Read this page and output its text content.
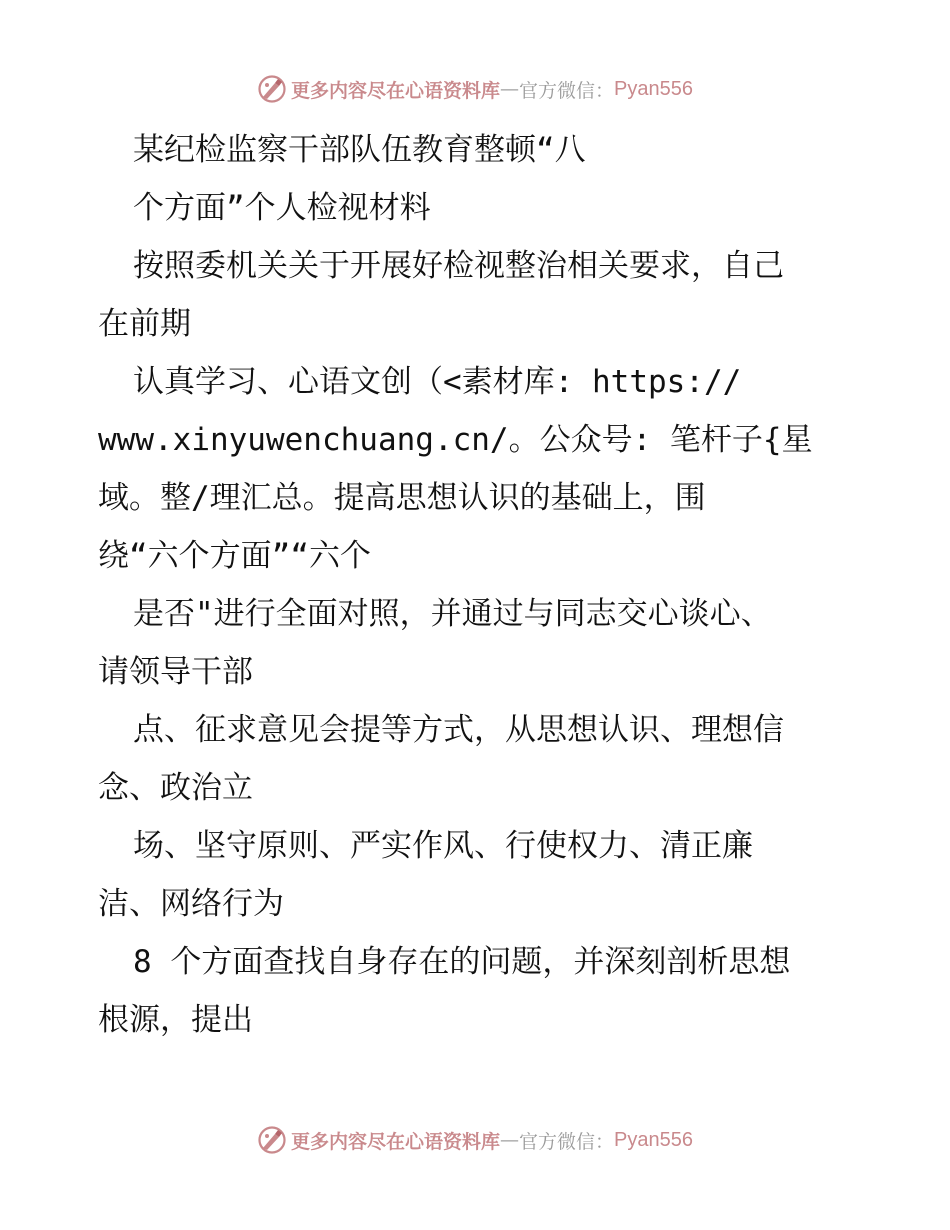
更多内容尽在心语资料库 — 官方微信： Pyan556
某纪检监察干部队伍教育整顿“八
个方面”个人检视材料
按照委机关关于开展好检视整治相关要求，自己
在前期
认真学习、心语文创（<素材库: https://
www.xinyuwenchuang.cn/。公众号: 笔杆子{星
域。整/理汇总。提高思想认识的基础上，围
绕“六个方面”“六个
是否"进行全面对照，并通过与同志交心谈心、
请领导干部
点、征求意见会提等方式，从思想认识、理想信
念、政治立
场、坚守原则、严实作风、行使权力、清正廉
洁、网络行为
8 个方面查找自身存在的问题，并深刻剖析思想
根源，提出
更多内容尽在心语资料库 — 官方微信： Pyan556
